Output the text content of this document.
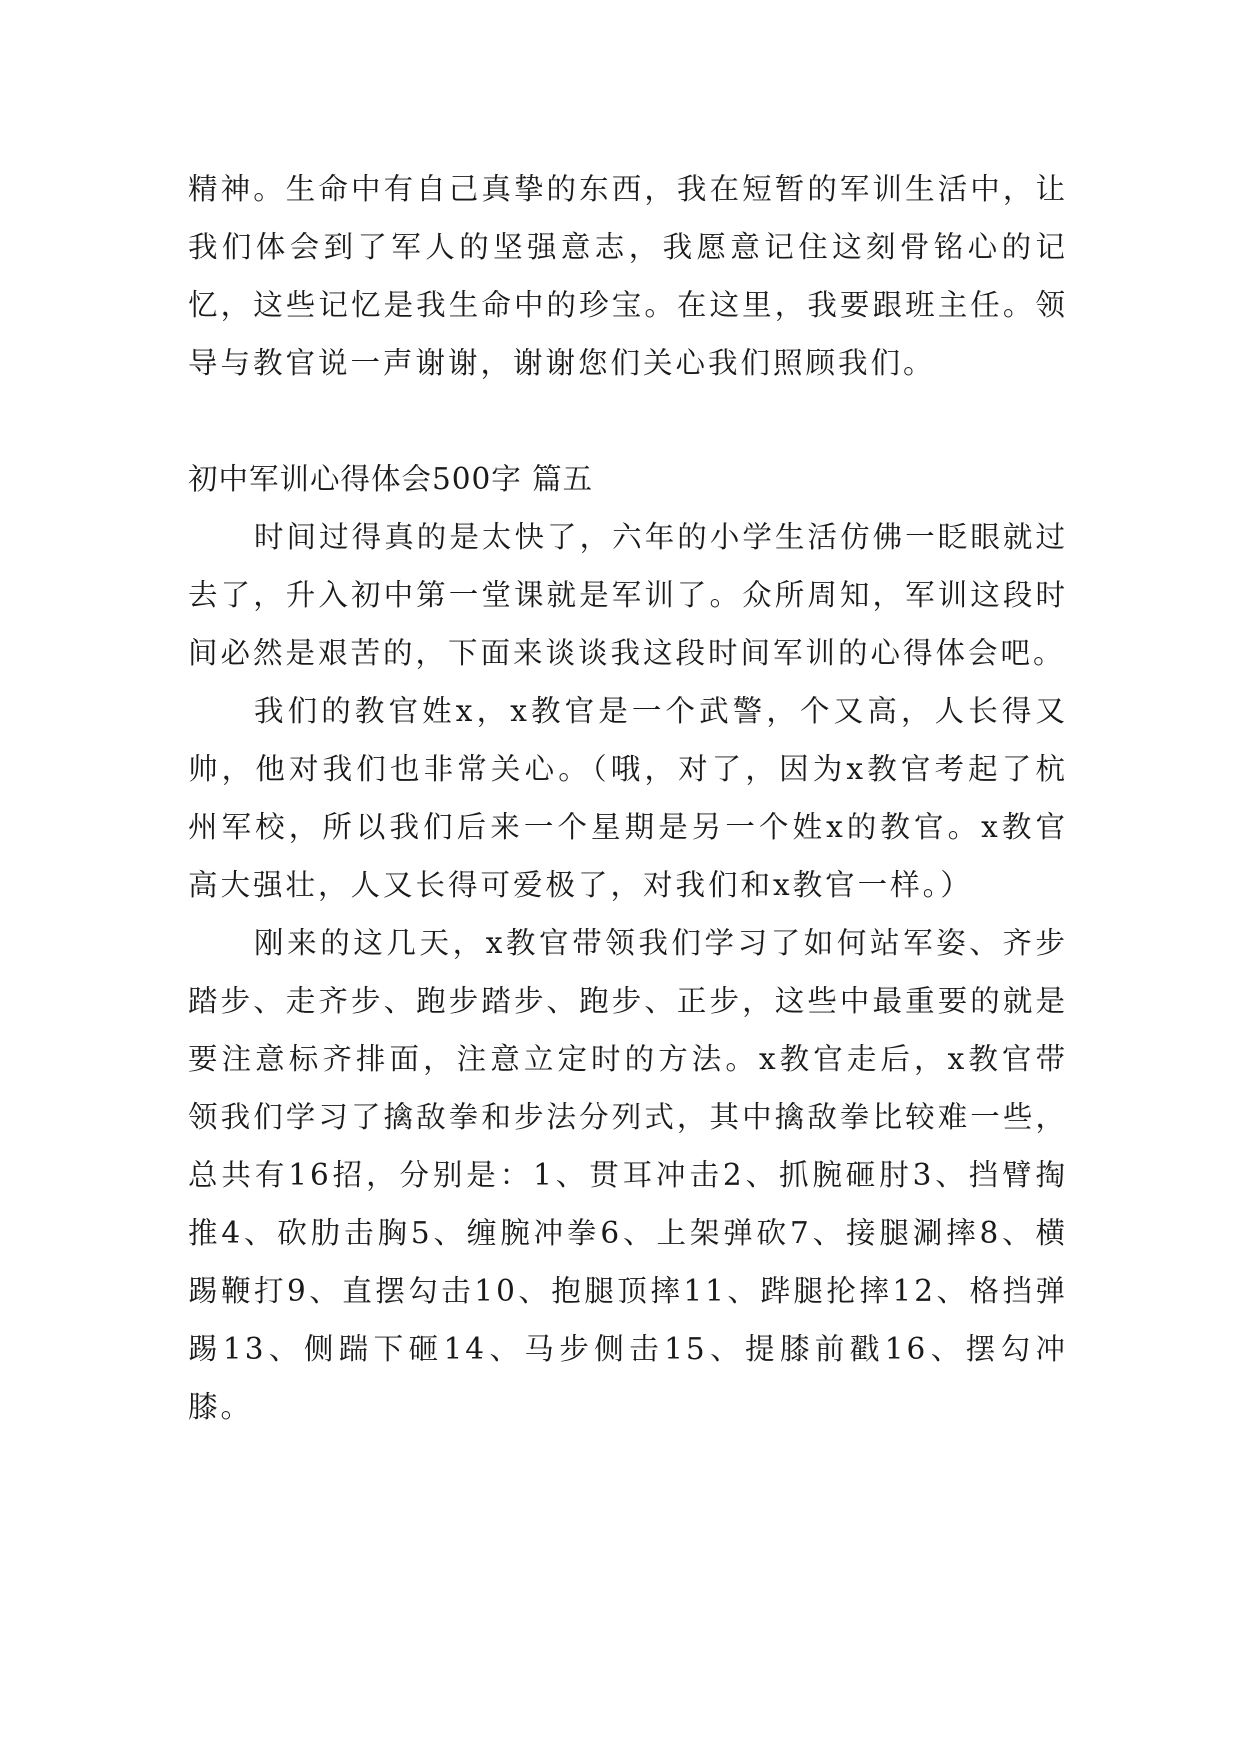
精神。生命中有自己真挚的东西，我在短暂的军训生活中，让我们体会到了军人的坚强意志，我愿意记住这刻骨铭心的记忆，这些记忆是我生命中的珍宝。在这里，我要跟班主任。领导与教官说一声谢谢，谢谢您们关心我们照顾我们。

初中军训心得体会500字 篇五

时间过得真的是太快了，六年的小学生活仿佛一眨眼就过去了，升入初中第一堂课就是军训了。众所周知，军训这段时间必然是艰苦的，下面来谈谈我这段时间军训的心得体会吧。

我们的教官姓x，x教官是一个武警，个又高，人长得又帅，他对我们也非常关心。（哦，对了，因为x教官考起了杭州军校，所以我们后来一个星期是另一个姓x的教官。x教官高大强壮，人又长得可爱极了，对我们和x教官一样。）

刚来的这几天，x教官带领我们学习了如何站军姿、齐步踏步、走齐步、跑步踏步、跑步、正步，这些中最重要的就是要注意标齐排面，注意立定时的方法。x教官走后，x教官带领我们学习了擒敌拳和步法分列式，其中擒敌拳比较难一些，总共有16招，分别是：1、贯耳冲击2、抓腕砸肘3、挡臂掏推4、砍肋击胸5、缠腕冲拳6、上架弹砍7、接腿涮摔8、横踢鞭打9、直摆勾击10、抱腿顶摔11、跸腿抡摔12、格挡弹踢13、侧踹下砸14、马步侧击15、提膝前戳16、摆勾冲膝。
